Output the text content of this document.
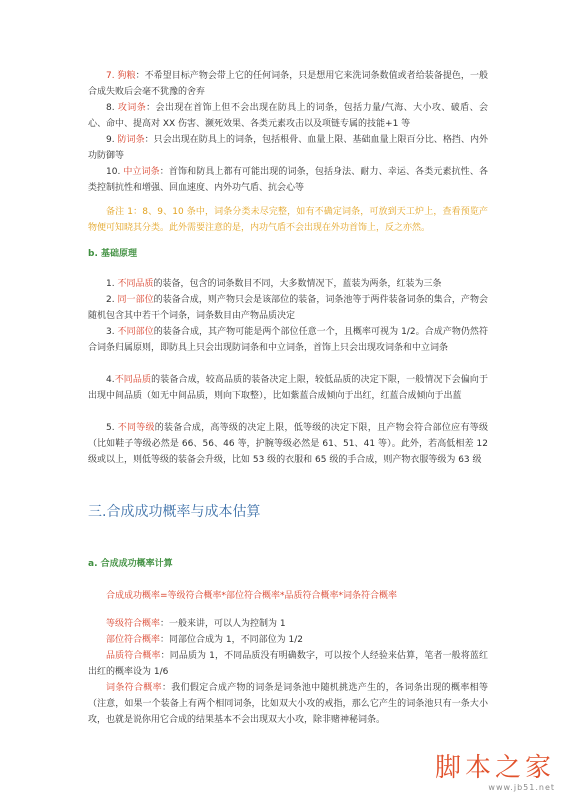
7. 狗粮：不希望目标产物会带上它的任何词条，只是想用它来洗词条数值或者给装备提色，一般合成失败后会毫不犹豫的舍弃

8. 攻词条：会出现在首饰上但不会出现在防具上的词条，包括力量/气海、大小攻、破盾、会心、命中、提高对 XX 伤害、濒死效果、各类元素攻击以及项链专属的技能+1 等

9. 防词条：只会出现在防具上的词条，包括根骨、血量上限、基础血量上限百分比、格挡、内外功防御等

10. 中立词条：首饰和防具上都有可能出现的词条，包括身法、耐力、幸运、各类元素抗性、各类控制抗性和增强、回血速度、内外功气盾、抗会心等

备注 1：8、9、10 条中，词条分类未尽完整，如有不确定词条，可放到天工炉上，查看预览产物便可知晓其分类。此外需要注意的是，内功气盾不会出现在外功首饰上，反之亦然。

b. 基础原理

1. 不同品质的装备，包含的词条数目不同，大多数情况下，蓝装为两条，红装为三条

2. 同一部位的装备合成，则产物只会是该部位的装备，词条池等于两件装备词条的集合，产物会随机包含其中若干个词条，词条数目由产物品质决定

3. 不同部位的装备合成，其产物可能是两个部位任意一个，且概率可视为 1/2。合成产物仍然符合词条归属原则，即防具上只会出现防词条和中立词条，首饰上只会出现攻词条和中立词条

4.不同品质的装备合成，较高品质的装备决定上限，较低品质的决定下限，一般情况下会偏向于出现中间品质（如无中间品质，则向下取整），比如紫蓝合成倾向于出红，红蓝合成倾向于出蓝

5. 不同等级的装备合成，高等级的决定上限，低等级的决定下限，且产物会符合部位应有等级（比如鞋子等级必然是 66、56、46 等，护腕等级必然是 61、51、41 等）。此外，若高低相差 12 级或以上，则低等级的装备会升级，比如 53 级的衣服和 65 级的手合成，则产物衣服等级为 63 级

三.合成成功概率与成本估算

a. 合成成功概率计算

合成成功概率=等级符合概率*部位符合概率*品质符合概率*词条符合概率

等级符合概率：一般来讲，可以人为控制为 1

部位符合概率：同部位合成为 1，不同部位为 1/2

品质符合概率：同品质为 1，不同品质没有明确数字，可以按个人经验来估算，笔者一般将蓝红出红的概率设为 1/6

词条符合概率：我们假定合成产物的词条是词条池中随机挑选产生的，各词条出现的概率相等（注意，如果一个装备上有两个相同词条，比如双大小攻的戒指，那么它产生的词条池只有一条大小攻，也就是说你用它合成的结果基本不会出现双大小攻，除非赌神秘词条。

脚本之家
www.jb51.net
